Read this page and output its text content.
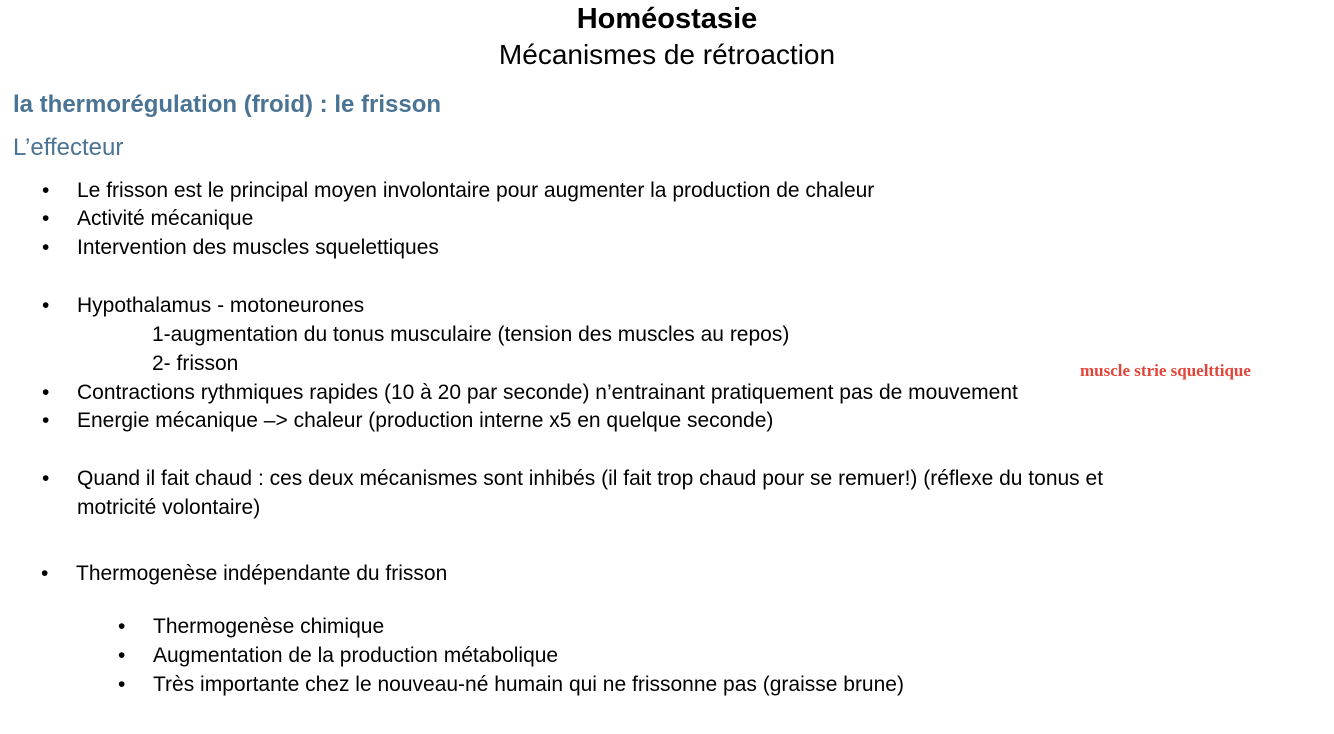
Homéostasie
Mécanismes de rétroaction
la thermorégulation (froid) : le frisson
L’effecteur
• Le frisson est le principal moyen involontaire pour augmenter la production de chaleur
• Activité mécanique
• Intervention des muscles squelettiques
• Hypothalamus - motoneurones
1-augmentation du tonus musculaire (tension des muscles au repos)
2- frisson
• Contractions rythmiques rapides (10 à 20 par seconde) n’entrainant pratiquement pas de mouvement
• Energie mécanique –> chaleur (production interne x5 en quelque seconde)
• Quand il fait chaud : ces deux mécanismes sont inhibés (il fait trop chaud pour se remuer!) (réflexe du tonus et
motricité volontaire)
• Thermogenèse indépendante du frisson
• Thermogenèse chimique
• Augmentation de la production métabolique
• Très importante chez le nouveau-né humain qui ne frissonne pas (graisse brune)
muscle strie squelttique
